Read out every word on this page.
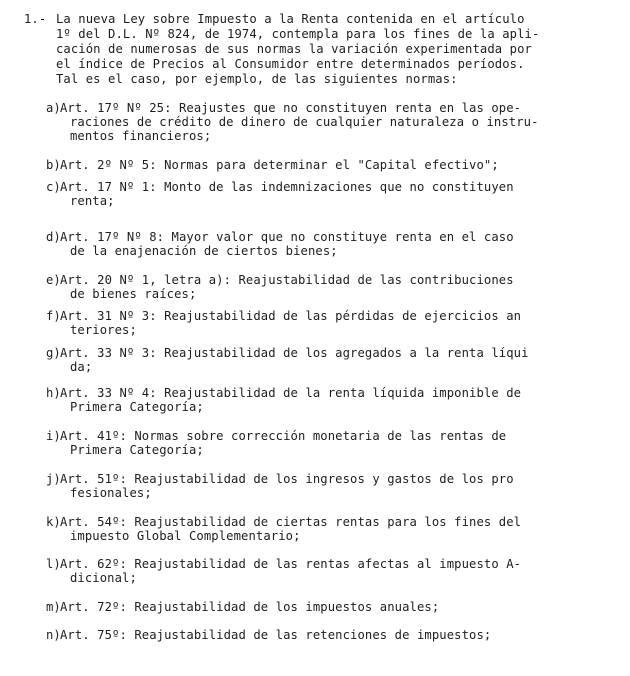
1.- La nueva Ley sobre Impuesto a la Renta contenida en el artículo
1º del D.L. Nº 824, de 1974, contempla para los fines de la apli-
cación de numerosas de sus normas la variación experimentada por
el índice de Precios al Consumidor entre determinados períodos.
Tal es el caso, por ejemplo, de las siguientes normas:
a) Art. 17º Nº 25: Reajustes que no constituyen renta en las ope-
raciones de crédito de dinero de cualquier naturaleza o instru-
mentos financieros;
b) Art. 2º Nº 5: Normas para determinar el "Capital efectivo";
c) Art. 17 Nº 1: Monto de las indemnizaciones que no constituyen
renta;
d) Art. 17º Nº 8: Mayor valor que no constituye renta en el caso
de la enajenación de ciertos bienes;
e) Art. 20 Nº 1, letra a): Reajustabilidad de las contribuciones
de bienes raíces;
f) Art. 31 Nº 3: Reajustabilidad de las pérdidas de ejercicios an
teriores;
g) Art. 33 Nº 3: Reajustabilidad de los agregados a la renta líqui
da;
h) Art. 33 Nº 4: Reajustabilidad de la renta líquida imponible de
Primera Categoría;
i) Art. 41º: Normas sobre corrección monetaria de las rentas de
Primera Categoría;
j) Art. 51º: Reajustabilidad de los ingresos y gastos de los pro
fesionales;
k) Art. 54º: Reajustabilidad de ciertas rentas para los fines del
impuesto Global Complementario;
l) Art. 62º: Reajustabilidad de las rentas afectas al impuesto A-
dicional;
m) Art. 72º: Reajustabilidad de los impuestos anuales;
n) Art. 75º: Reajustabilidad de las retenciones de impuestos;
